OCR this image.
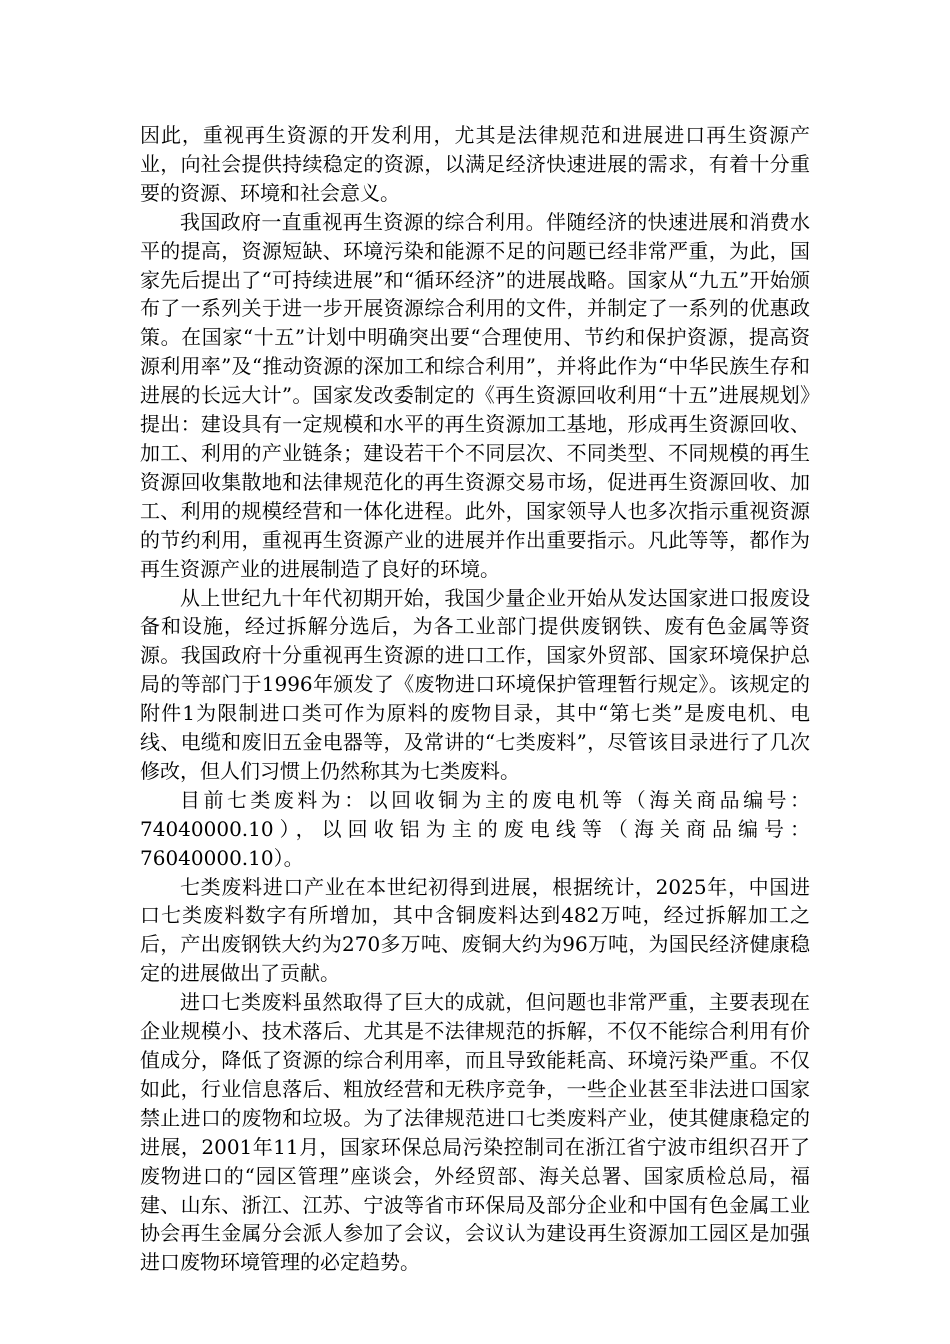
因此，重视再生资源的开发利用，尤其是法律规范和进展进口再生资源产业，向社会提供持续稳定的资源，以满足经济快速进展的需求，有着十分重要的资源、环境和社会意义。

我国政府一直重视再生资源的综合利用。伴随经济的快速进展和消费水平的提高，资源短缺、环境污染和能源不足的问题已经非常严重，为此，国家先后提出了“可持续进展”和“循环经济”的进展战略。国家从“九五”开始颁布了一系列关于进一步开展资源综合利用的文件，并制定了一系列的优惠政策。在国家“十五”计划中明确突出要“合理使用、节约和保护资源，提高资源利用率”及“推动资源的深加工和综合利用”，并将此作为“中华民族生存和进展的长远大计”。国家发改委制定的《再生资源回收利用“十五”进展规划》提出：建设具有一定规模和水平的再生资源加工基地，形成再生资源回收、加工、利用的产业链条；建设若干个不同层次、不同类型、不同规模的再生资源回收集散地和法律规范化的再生资源交易市场，促进再生资源回收、加工、利用的规模经营和一体化进程。此外，国家领导人也多次指示重视资源的节约利用，重视再生资源产业的进展并作出重要指示。凡此等等，都作为再生资源产业的进展制造了良好的环境。

从上世纪九十年代初期开始，我国少量企业开始从发达国家进口报废设备和设施，经过拆解分选后，为各工业部门提供废钢铁、废有色金属等资源。我国政府十分重视再生资源的进口工作，国家外贸部、国家环境保护总局的等部门于1996年颁发了《废物进口环境保护管理暂行规定》。该规定的附件1为限制进口类可作为原料的废物目录，其中“第七类”是废电机、电线、电缆和废旧五金电器等，及常讲的“七类废料”，尽管该目录进行了几次修改，但人们习惯上仍然称其为七类废料。

目前七类废料为：以回收铜为主的废电机等（海关商品编号：74040000.10），以回收铝为主的废电线等（海关商品编号：76040000.10）。

七类废料进口产业在本世纪初得到进展，根据统计，2025年，中国进口七类废料数字有所增加，其中含铜废料达到482万吨，经过拆解加工之后，产出废钢铁大约为270多万吨、废铜大约为96万吨，为国民经济健康稳定的进展做出了贡献。

进口七类废料虽然取得了巨大的成就，但问题也非常严重，主要表现在企业规模小、技术落后、尤其是不法律规范的拆解，不仅不能综合利用有价值成分，降低了资源的综合利用率，而且导致能耗高、环境污染严重。不仅如此，行业信息落后、粗放经营和无秩序竞争，一些企业甚至非法进口国家禁止进口的废物和垃圾。为了法律规范进口七类废料产业，使其健康稳定的进展，2001年11月，国家环保总局污染控制司在浙江省宁波市组织召开了废物进口的“园区管理”座谈会，外经贸部、海关总署、国家质检总局，福建、山东、浙江、江苏、宁波等省市环保局及部分企业和中国有色金属工业协会再生金属分会派人参加了会议，会议认为建设再生资源加工园区是加强进口废物环境管理的必定趋势。
